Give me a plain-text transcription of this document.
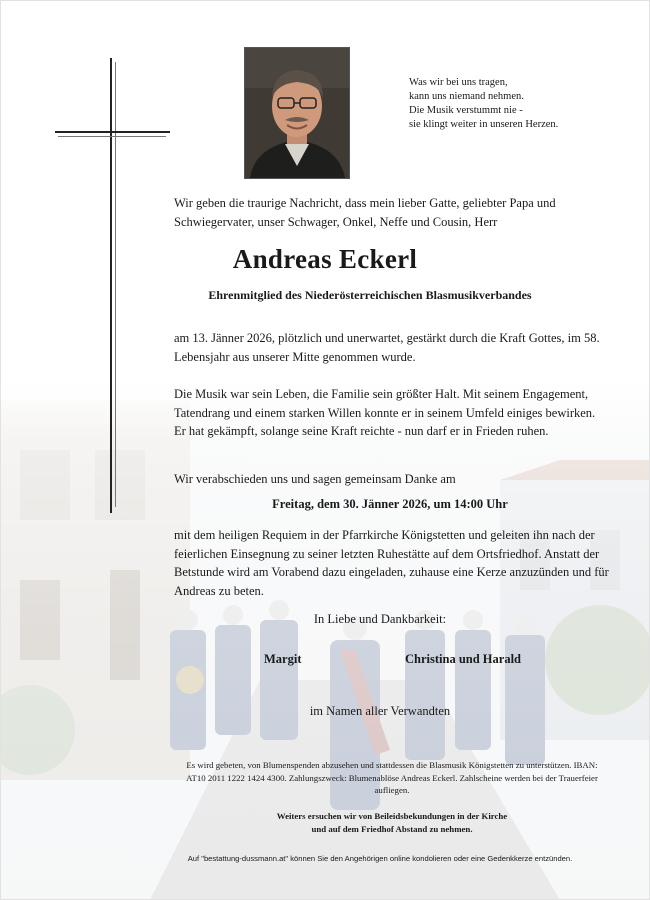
Was wir bei uns tragen,
kann uns niemand nehmen.
Die Musik verstummt nie -
sie klingt weiter in unseren Herzen.
Wir geben die traurige Nachricht, dass mein lieber Gatte, geliebter Papa und Schwiegervater, unser Schwager, Onkel, Neffe und Cousin, Herr
Andreas Eckerl
Ehrenmitglied des Niederösterreichischen Blasmusikverbandes
am 13. Jänner 2026, plötzlich und unerwartet, gestärkt durch die Kraft Gottes, im 58. Lebensjahr aus unserer Mitte genommen wurde.
Die Musik war sein Leben, die Familie sein größter Halt. Mit seinem Engagement, Tatendrang und einem starken Willen konnte er in seinem Umfeld einiges bewirken. Er hat gekämpft, solange seine Kraft reichte - nun darf er in Frieden ruhen.
Wir verabschieden uns und sagen gemeinsam Danke am
Freitag, dem 30. Jänner 2026, um 14:00 Uhr
mit dem heiligen Requiem in der Pfarrkirche Königstetten und geleiten ihn nach der feierlichen Einsegnung zu seiner letzten Ruhestätte auf dem Ortsfriedhof. Anstatt der Betstunde wird am Vorabend dazu eingeladen, zuhause eine Kerze anzuzünden und für Andreas zu beten.
In Liebe und Dankbarkeit:
Margit	Christina und Harald
im Namen aller Verwandten
Es wird gebeten, von Blumenspenden abzusehen und stattdessen die Blasmusik Königstetten zu unterstützen. IBAN: AT10 2011 1222 1424 4300. Zahlungszweck: Blumenablöse Andreas Eckerl. Zahlscheine werden bei der Trauerfeier aufliegen.
Weiters ersuchen wir von Beileidsbekundungen in der Kirche
und auf dem Friedhof Abstand zu nehmen.
Auf "bestattung-dussmann.at" können Sie den Angehörigen online kondolieren oder eine Gedenkkerze entzünden.
